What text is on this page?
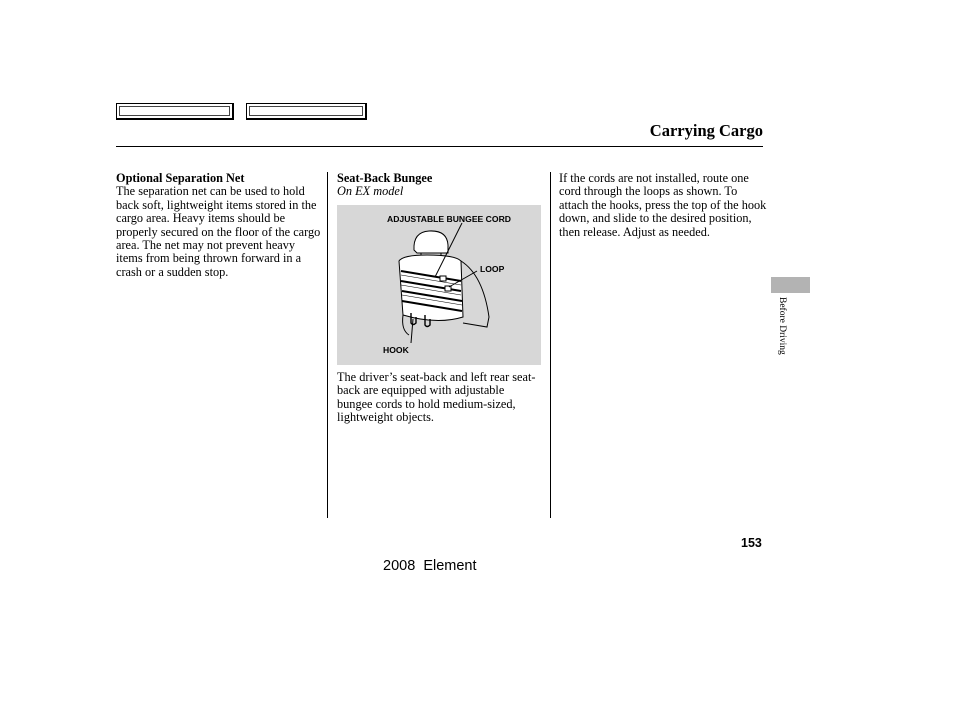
Carrying Cargo

Optional Separation Net

The separation net can be used to hold back soft, lightweight items stored in the cargo area. Heavy items should be properly secured on the floor of the cargo area. The net may not prevent heavy items from being thrown forward in a crash or a sudden stop.

Seat-Back Bungee

On EX model

ADJUSTABLE BUNGEE CORD
LOOP
HOOK
The driver’s seat-back and left rear seat-back are equipped with adjustable bungee cords to hold medium-sized, lightweight objects.

If the cords are not installed, route one cord through the loops as shown. To attach the hooks, press the top of the hook down, and slide to the desired position, then release. Adjust as needed.

Before Driving
153
2008  Element
